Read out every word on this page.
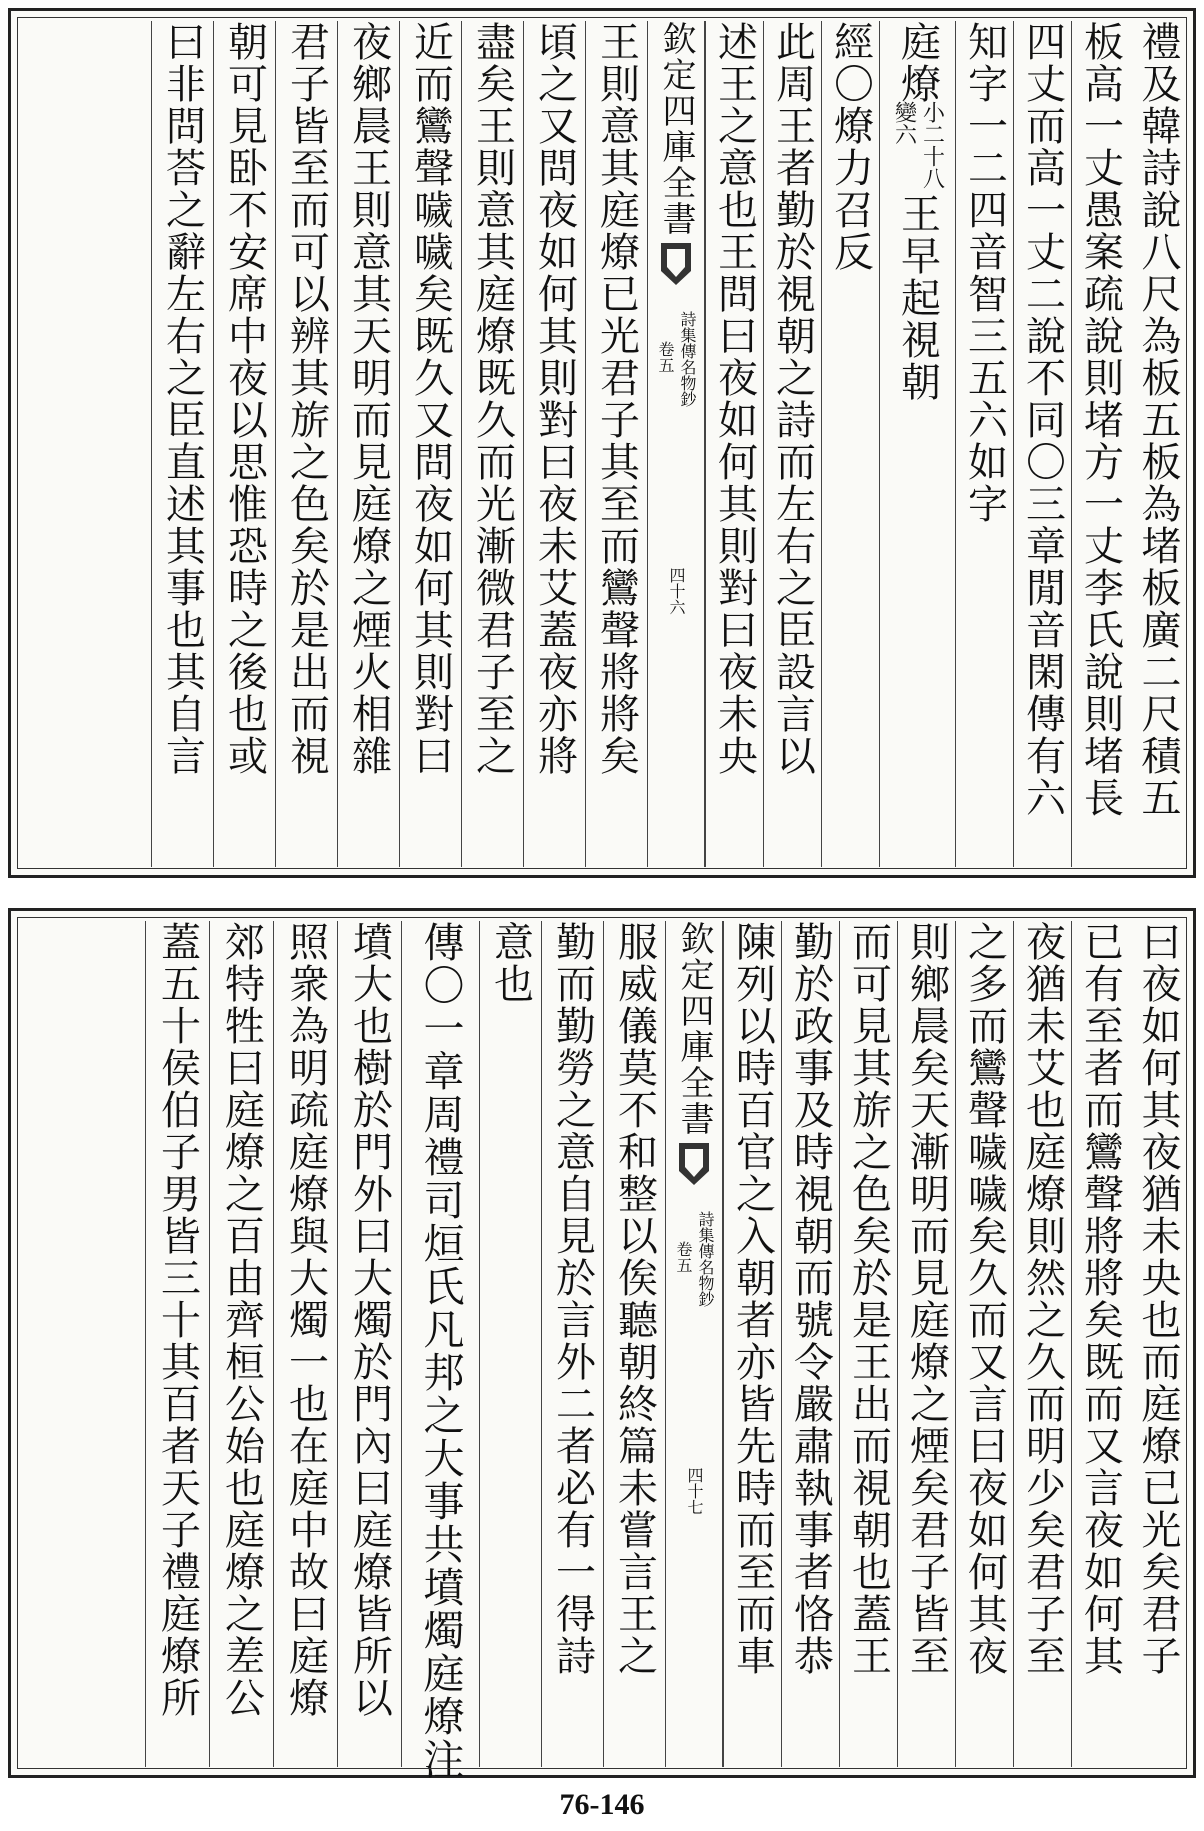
禮及韓詩說八尺為板五板為堵板廣二尺積五
板高一丈愚案疏說則堵方一丈李氏說則堵長
四丈而高一丈二說不同〇三章閒音閑傳有六
知字一二四音智三五六如字
庭燎
小二十八
變六
王早起視朝
經〇燎力召反
此周王者勤於視朝之詩而左右之臣設言以
述王之意也王問曰夜如何其則對曰夜未央
欽定四庫全書
詩集傳名物鈔
卷五
四十六
王則意其庭燎已光君子其至而鸞聲將將矣
頃之又問夜如何其則對曰夜未艾蓋夜亦將
盡矣王則意其庭燎既久而光漸微君子至之
近而鸞聲噦噦矣既久又問夜如何其則對曰
夜鄉晨王則意其天明而見庭燎之煙火相雜
君子皆至而可以辨其旂之色矣於是出而視
朝可見卧不安席中夜以思惟恐時之後也或
曰非問荅之辭左右之臣直述其事也其自言
曰夜如何其夜猶未央也而庭燎已光矣君子
已有至者而鸞聲將將矣既而又言夜如何其
夜猶未艾也庭燎則然之久而明少矣君子至
之多而鸞聲噦噦矣久而又言曰夜如何其夜
則鄉晨矣天漸明而見庭燎之煙矣君子皆至
而可見其旂之色矣於是王出而視朝也蓋王
勤於政事及時視朝而號令嚴肅執事者恪恭
陳列以時百官之入朝者亦皆先時而至而車
欽定四庫全書
詩集傳名物鈔
卷五
四十七
服威儀莫不和整以俟聽朝終篇未嘗言王之
勤而勤勞之意自見於言外二者必有一得詩
意也
傳〇一章周禮司烜氏凡邦之大事共墳燭庭燎注
墳大也樹於門外曰大燭於門內曰庭燎皆所以
照衆為明疏庭燎與大燭一也在庭中故曰庭燎
郊特牲曰庭燎之百由齊桓公始也庭燎之差公
蓋五十侯伯子男皆三十其百者天子禮庭燎所
76-146
